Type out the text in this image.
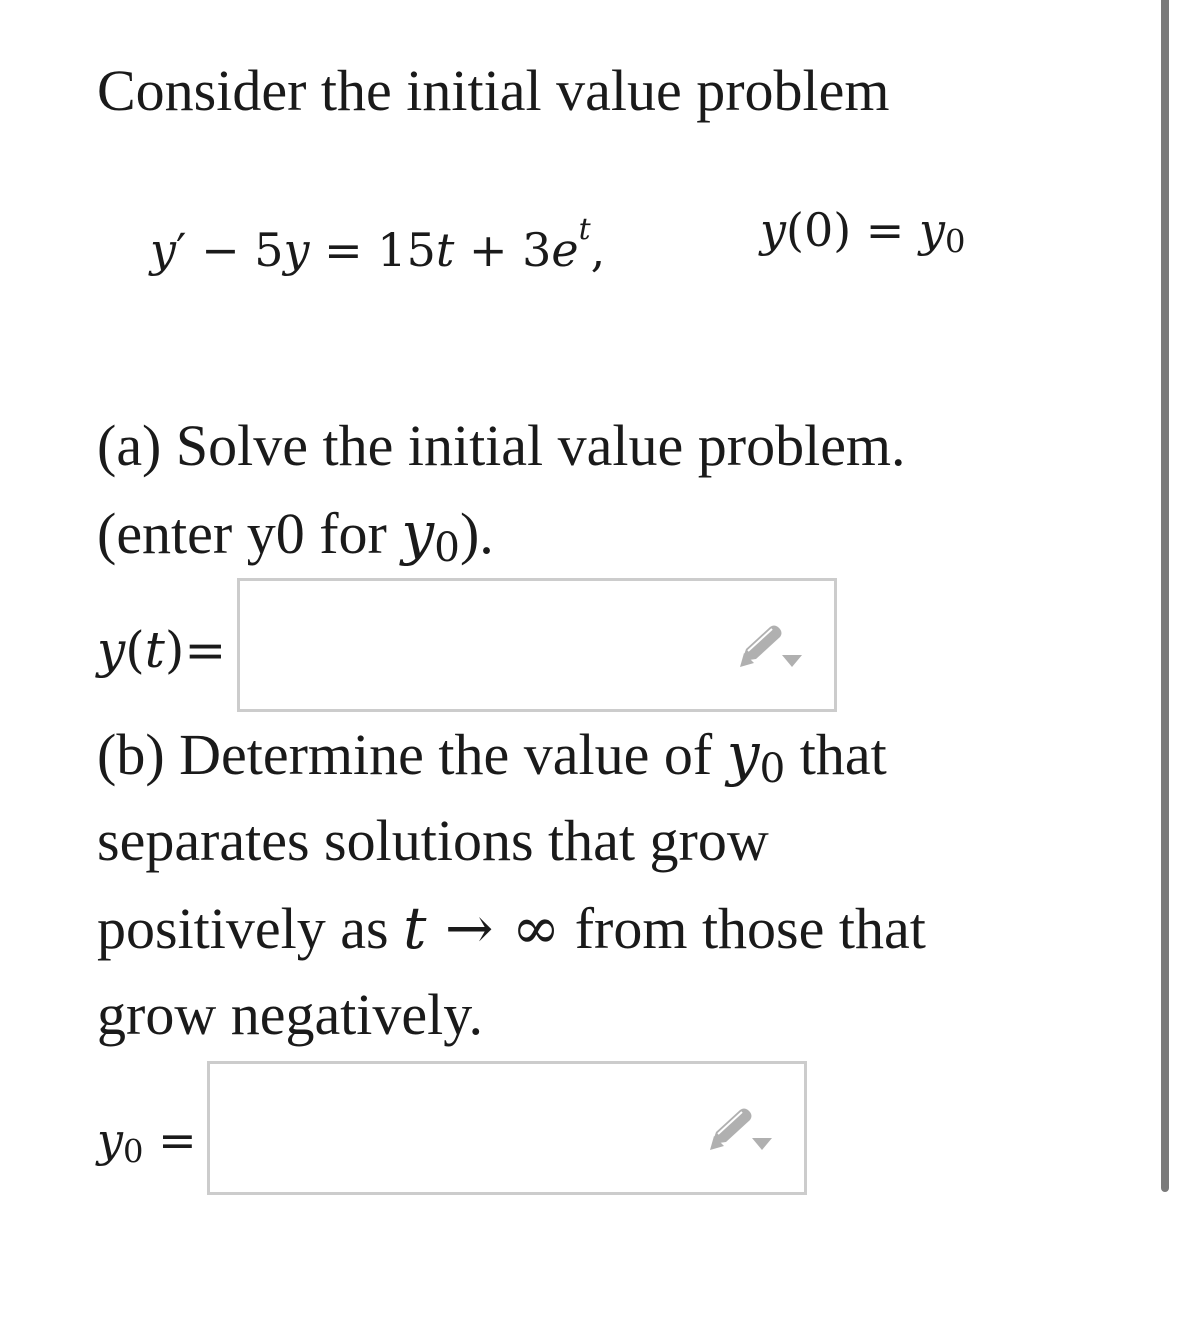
Consider the initial value problem
$y' - 5y = 15t + 3e^t$,	y(0) = y0
(a) Solve the initial value problem.
(enter y0 for y0).
y(t)=
(b) Determine the value of y0 that
separates solutions that grow
positively as t → ∞ from those that
grow negatively.
y0 =
